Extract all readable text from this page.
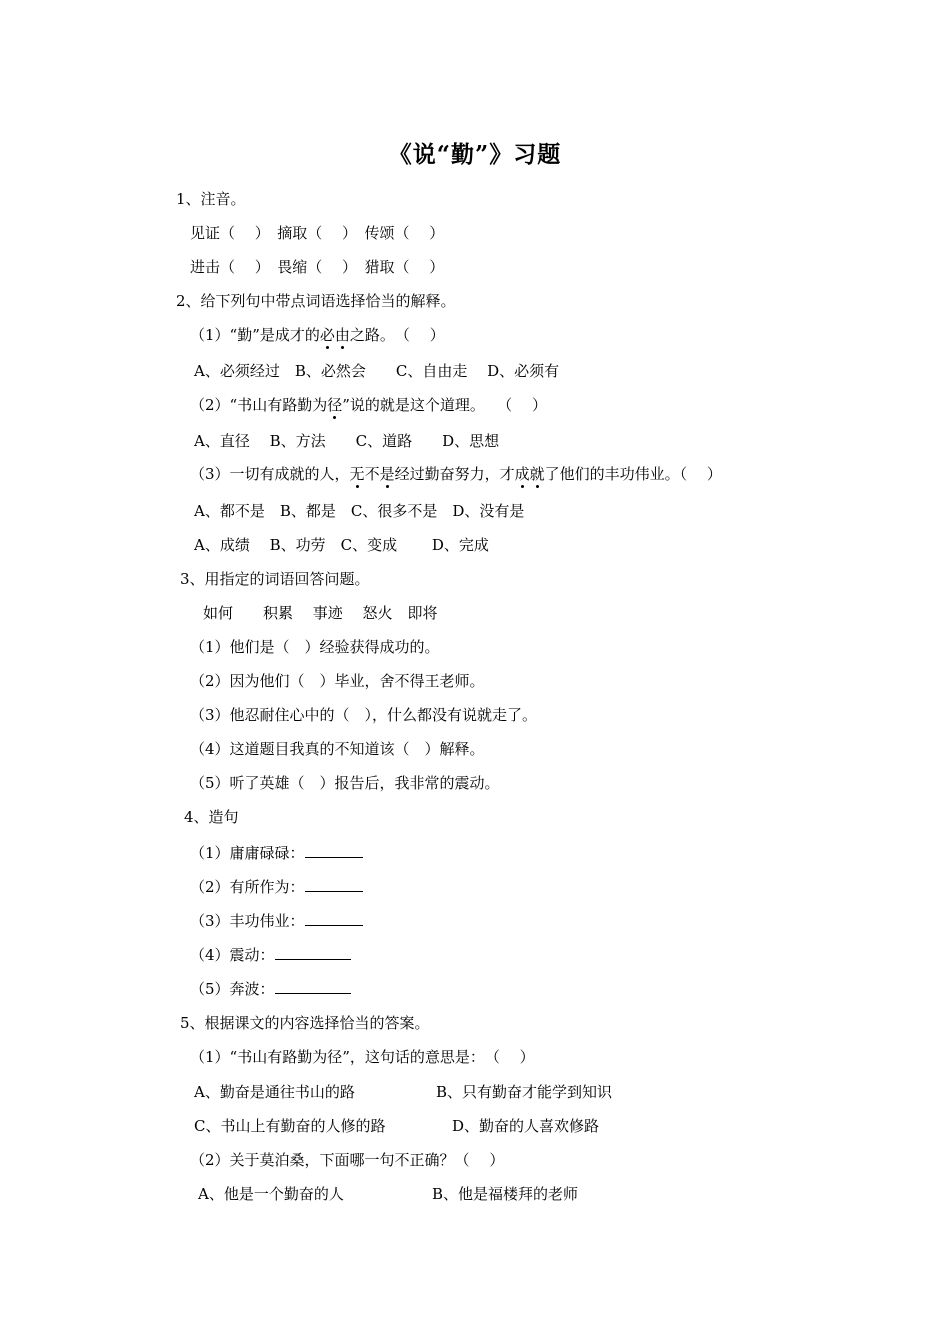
《说“勤”》习题
1、注音。
见证（　 ）　摘取（　 ）　传颂（　 ）
进击（　 ）　畏缩（　 ）　猎取（　 ）
2、给下列句中带点词语选择恰当的解释。
（1）“勤”是成才的必由之路。　（　 ）
A、必须经过　B、必然会　　C、自由走　 D、必须有
（2）“书山有路勤为径”说的就是这个道理。　 （　 ）
A、直径　 B、方法　　C、道路　　D、思想
（3）一切有成就的人，无不是经过勤奋努力，才成就了他们的丰功伟业。（　 ）
A、都不是　B、都是　C、很多不是　D、没有是
A、成绩　 B、功劳　C、变成　　 D、完成
3、用指定的词语回答问题。
如何　　积累　 事迹　 怒火　即将
（1）他们是（　）经验获得成功的。
（2）因为他们（　）毕业，舍不得王老师。
（3）他忍耐住心中的（　），什么都没有说就走了。
（4）这道题目我真的不知道该（　）解释。
（5）听了英雄（　）报告后，我非常的震动。
4、造句
（1）庸庸碌碌：
（2）有所作为：
（3）丰功伟业：
（4）震动：
（5）奔波：
5、根据课文的内容选择恰当的答案。
（1）“书山有路勤为径”，这句话的意思是：　（　 ）
A、勤奋是通往书山的路	B、只有勤奋才能学到知识
C、书山上有勤奋的人修的路	D、勤奋的人喜欢修路
（2）关于莫泊桑，下面哪一句不正确？（　 ）
A、他是一个勤奋的人	B、他是福楼拜的老师
